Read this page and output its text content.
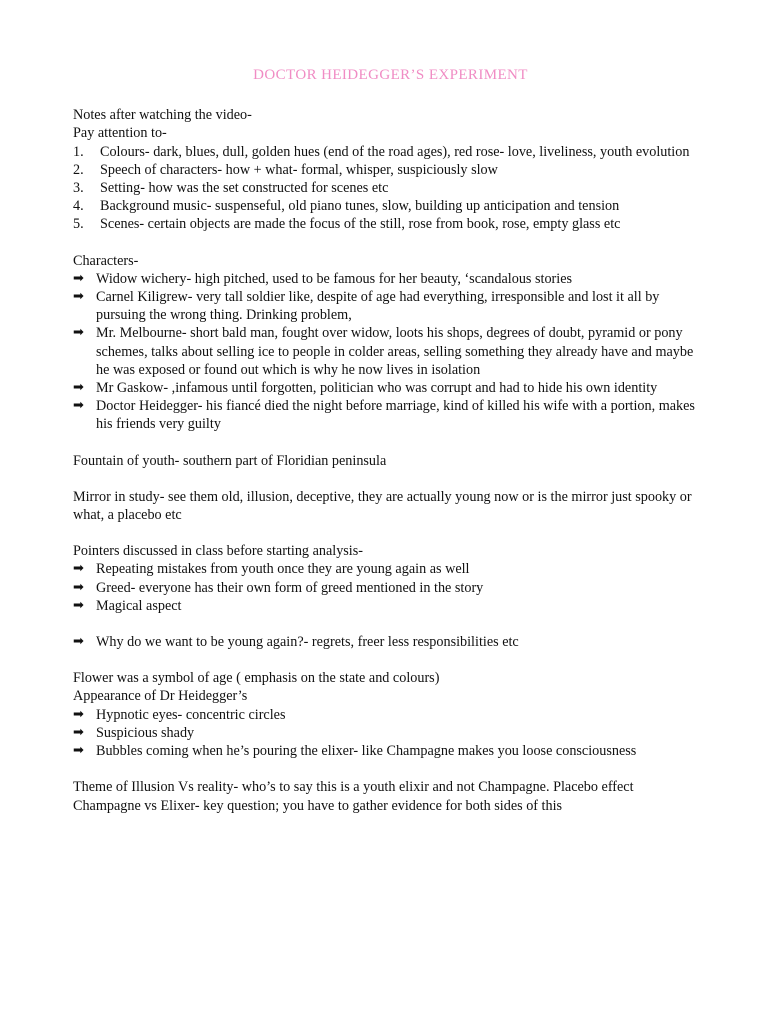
DOCTOR HEIDEGGER’S EXPERIMENT

Notes after watching the video-

Pay attention to-

1. Colours- dark, blues, dull, golden hues (end of the road ages), red rose- love, liveliness, youth evolution
2. Speech of characters- how + what- formal, whisper, suspiciously slow
3. Setting- how was the set constructed for scenes etc
4. Background music- suspenseful, old piano tunes, slow, building up anticipation and tension
5. Scenes- certain objects are made the focus of the still, rose from book, rose, empty glass etc

Characters-

➡ Widow wichery- high pitched, used to be famous for her beauty, ‘scandalous stories
➡ Carnel Kiligrew- very tall soldier like, despite of age had everything, irresponsible and lost it all by pursuing the wrong thing. Drinking problem,
➡ Mr. Melbourne- short bald man, fought over widow, loots his shops, degrees of doubt, pyramid or pony schemes, talks about selling ice to people in colder areas, selling something they already have and maybe he was exposed or found out which is why he now lives in isolation
➡ Mr Gaskow- ,infamous until forgotten, politician who was corrupt and had to hide his own identity
➡ Doctor Heidegger- his fiancé died the night before marriage, kind of killed his wife with a portion, makes his friends very guilty

Fountain of youth- southern part of Floridian peninsula

Mirror in study- see them old, illusion, deceptive, they are actually young now or is the mirror just spooky or what, a placebo etc

Pointers discussed in class before starting analysis-

➡ Repeating mistakes from youth once they are young again as well
➡ Greed- everyone has their own form of greed mentioned in the story
➡ Magical aspect
➡ Why do we want to be young again?- regrets, freer less responsibilities etc

Flower was a symbol of age ( emphasis on the state and colours)

Appearance of Dr Heidegger’s

➡ Hypnotic eyes- concentric circles
➡ Suspicious shady
➡ Bubbles coming when he’s pouring the elixer- like Champagne makes you loose consciousness

Theme of Illusion Vs reality- who’s to say this is a youth elixir and not Champagne. Placebo effect

Champagne vs Elixer- key question; you have to gather evidence for both sides of this
